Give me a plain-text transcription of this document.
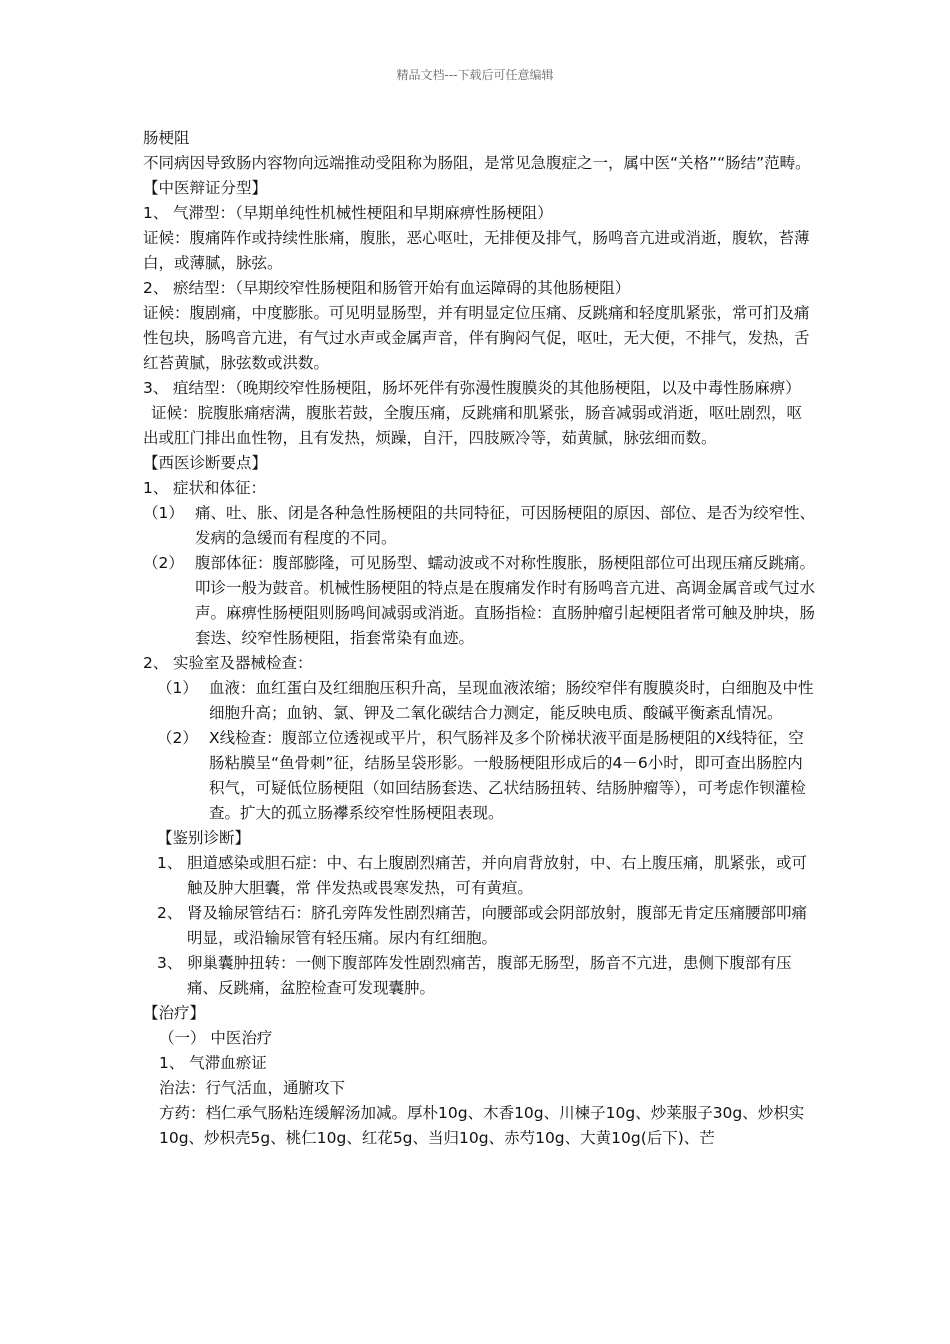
精品文档---下载后可任意编辑

肠梗阻

不同病因导致肠内容物向远端推动受阻称为肠阻，是常见急腹症之一，属中医“关格”“肠结”范畴。

【中医辩证分型】

1、 气滞型：（早期单纯性机械性梗阻和早期麻痹性肠梗阻）

证候：腹痛阵作或持续性胀痛，腹胀，恶心呕吐，无排便及排气，肠鸣音亢进或消逝，腹软，苔薄白，或薄腻，脉弦。

2、 瘀结型：（早期绞窄性肠梗阻和肠管开始有血运障碍的其他肠梗阻）

证候：腹剧痛，中度膨胀。可见明显肠型，并有明显定位压痛、反跳痛和轻度肌紧张，常可扪及痛性包块，肠鸣音亢进，有气过水声或金属声音，伴有胸闷气促，呕吐，无大便，不排气，发热，舌红苔黄腻，脉弦数或洪数。

3、 疽结型：（晚期绞窄性肠梗阻，肠坏死伴有弥漫性腹膜炎的其他肠梗阻，以及中毒性肠麻痹）

证候：脘腹胀痛痞满，腹胀若鼓，全腹压痛，反跳痛和肌紧张，肠音减弱或消逝，呕吐剧烈，呕出或肛门排出血性物，且有发热，烦躁，自汗，四肢厥冷等，茹黄腻，脉弦细而数。

【西医诊断要点】

1、 症状和体征：
（1） 痛、吐、胀、闭是各种急性肠梗阻的共同特征，可因肠梗阻的原因、部位、是否为绞窄性、发病的急缓而有程度的不同。
（2） 腹部体征：腹部膨隆，可见肠型、蠕动波或不对称性腹胀，肠梗阻部位可出现压痛反跳痛。叩诊一般为鼓音。机械性肠梗阻的特点是在腹痛发作时有肠鸣音亢进、高调金属音或气过水声。麻痹性肠梗阻则肠鸣间减弱或消逝。直肠指检：直肠肿瘤引起梗阻者常可触及肿块，肠套迭、绞窄性肠梗阻，指套常染有血迹。
2、 实验室及器械检查：
（1） 血液：血红蛋白及红细胞压积升高，呈现血液浓缩；肠绞窄伴有腹膜炎时，白细胞及中性细胞升高；血钠、氯、钾及二氧化碳结合力测定，能反映电质、酸碱平衡紊乱情况。
（2） X线检查：腹部立位透视或平片，积气肠袢及多个阶梯状液平面是肠梗阻的X线特征，空肠粘膜呈“鱼骨刺”征，结肠呈袋形影。一般肠梗阻形成后的4－6小时，即可查出肠腔内积气，可疑低位肠梗阻（如回结肠套迭、乙状结肠扭转、结肠肿瘤等），可考虑作钡灌检查。扩大的孤立肠襻系绞窄性肠梗阻表现。

【鉴别诊断】

1、 胆道感染或胆石症：中、右上腹剧烈痛苦，并向肩背放射，中、右上腹压痛，肌紧张，或可触及肿大胆囊，常 伴发热或畏寒发热，可有黄疸。
2、 肾及输尿管结石：脐孔旁阵发性剧烈痛苦，向腰部或会阴部放射，腹部无肯定压痛腰部叩痛明显，或沿输尿管有轻压痛。尿内有红细胞。
3、 卵巢囊肿扭转：一侧下腹部阵发性剧烈痛苦，腹部无肠型，肠音不亢进，患侧下腹部有压痛、反跳痛，盆腔检查可发现囊肿。

【治疗】

（一） 中医治疗

1、 气滞血瘀证

治法：行气活血，通腑攻下

方药：档仁承气肠粘连缓解汤加减。厚朴10g、木香10g、川楝子10g、炒莱服子30g、炒枳实10g、炒枳壳5g、桃仁10g、红花5g、当归10g、赤芍10g、大黄10g(后下)、芒
